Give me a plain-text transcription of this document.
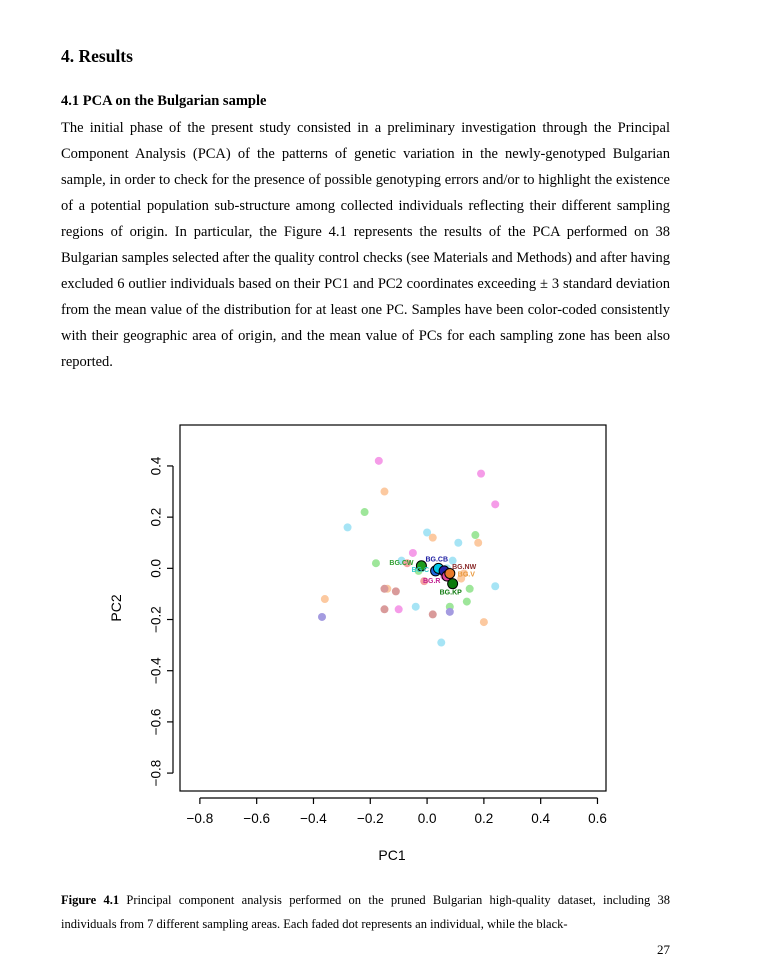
4. Results
4.1 PCA on the Bulgarian sample

The initial phase of the present study consisted in a preliminary investigation through the Principal Component Analysis (PCA) of the patterns of genetic variation in the newly-genotyped Bulgarian sample, in order to check for the presence of possible genotyping errors and/or to highlight the existence of a potential population sub-structure among collected individuals reflecting their different sampling regions of origin. In particular, the Figure 4.1 represents the results of the PCA performed on 38 Bulgarian samples selected after the quality control checks (see Materials and Methods) and after having excluded 6 outlier individuals based on their PC1 and PC2 coordinates exceeding ± 3 standard deviation from the mean value of the distribution for at least one PC. Samples have been color-coded consistently with their geographic area of origin, and the mean value of PCs for each sampling zone has been also reported.

−0.8 −0.6 −0.4 −0.2	0.0	0.2	0.4	0.6
−0.8
−0.6
−0.4
−0.2
0.0
0.2
0.4
BG.CW
BG.C
BG.CB
BG.NW
BG.R
BG.V
BG.KP
PC1
PC2

Figure 4.1 Principal component analysis performed on the pruned Bulgarian high-quality dataset, including 38 individuals from 7 different sampling areas. Each faded dot represents an individual, while the black-

27
